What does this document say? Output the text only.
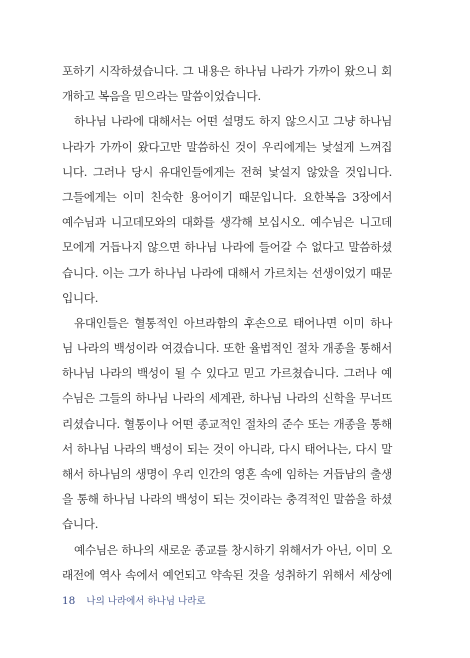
포하기 시작하셨습니다. 그 내용은 하나님 나라가 가까이 왔으니 회
개하고 복음을 믿으라는 말씀이었습니다.
하나님 나라에 대해서는 어떤 설명도 하지 않으시고 그냥 하나님
나라가 가까이 왔다고만 말씀하신 것이 우리에게는 낯설게 느껴집
니다. 그러나 당시 유대인들에게는 전혀 낯설지 않았을 것입니다.
그들에게는 이미 친숙한 용어이기 때문입니다. 요한복음 3장에서
예수님과 니고데모와의 대화를 생각해 보십시오. 예수님은 니고데
모에게 거듭나지 않으면 하나님 나라에 들어갈 수 없다고 말씀하셨
습니다. 이는 그가 하나님 나라에 대해서 가르치는 선생이었기 때문
입니다.
유대인들은 혈통적인 아브라함의 후손으로 태어나면 이미 하나
님 나라의 백성이라 여겼습니다. 또한 율법적인 절차 개종을 통해서
하나님 나라의 백성이 될 수 있다고 믿고 가르쳤습니다. 그러나 예
수님은 그들의 하나님 나라의 세계관, 하나님 나라의 신학을 무너뜨
리셨습니다. 혈통이나 어떤 종교적인 절차의 준수 또는 개종을 통해
서 하나님 나라의 백성이 되는 것이 아니라, 다시 태어나는, 다시 말
해서 하나님의 생명이 우리 인간의 영혼 속에 임하는 거듭남의 출생
을 통해 하나님 나라의 백성이 되는 것이라는 충격적인 말씀을 하셨
습니다.
예수님은 하나의 새로운 종교를 창시하기 위해서가 아닌, 이미 오
래전에 역사 속에서 예언되고 약속된 것을 성취하기 위해서 세상에
18 나의 나라에서 하나님 나라로
